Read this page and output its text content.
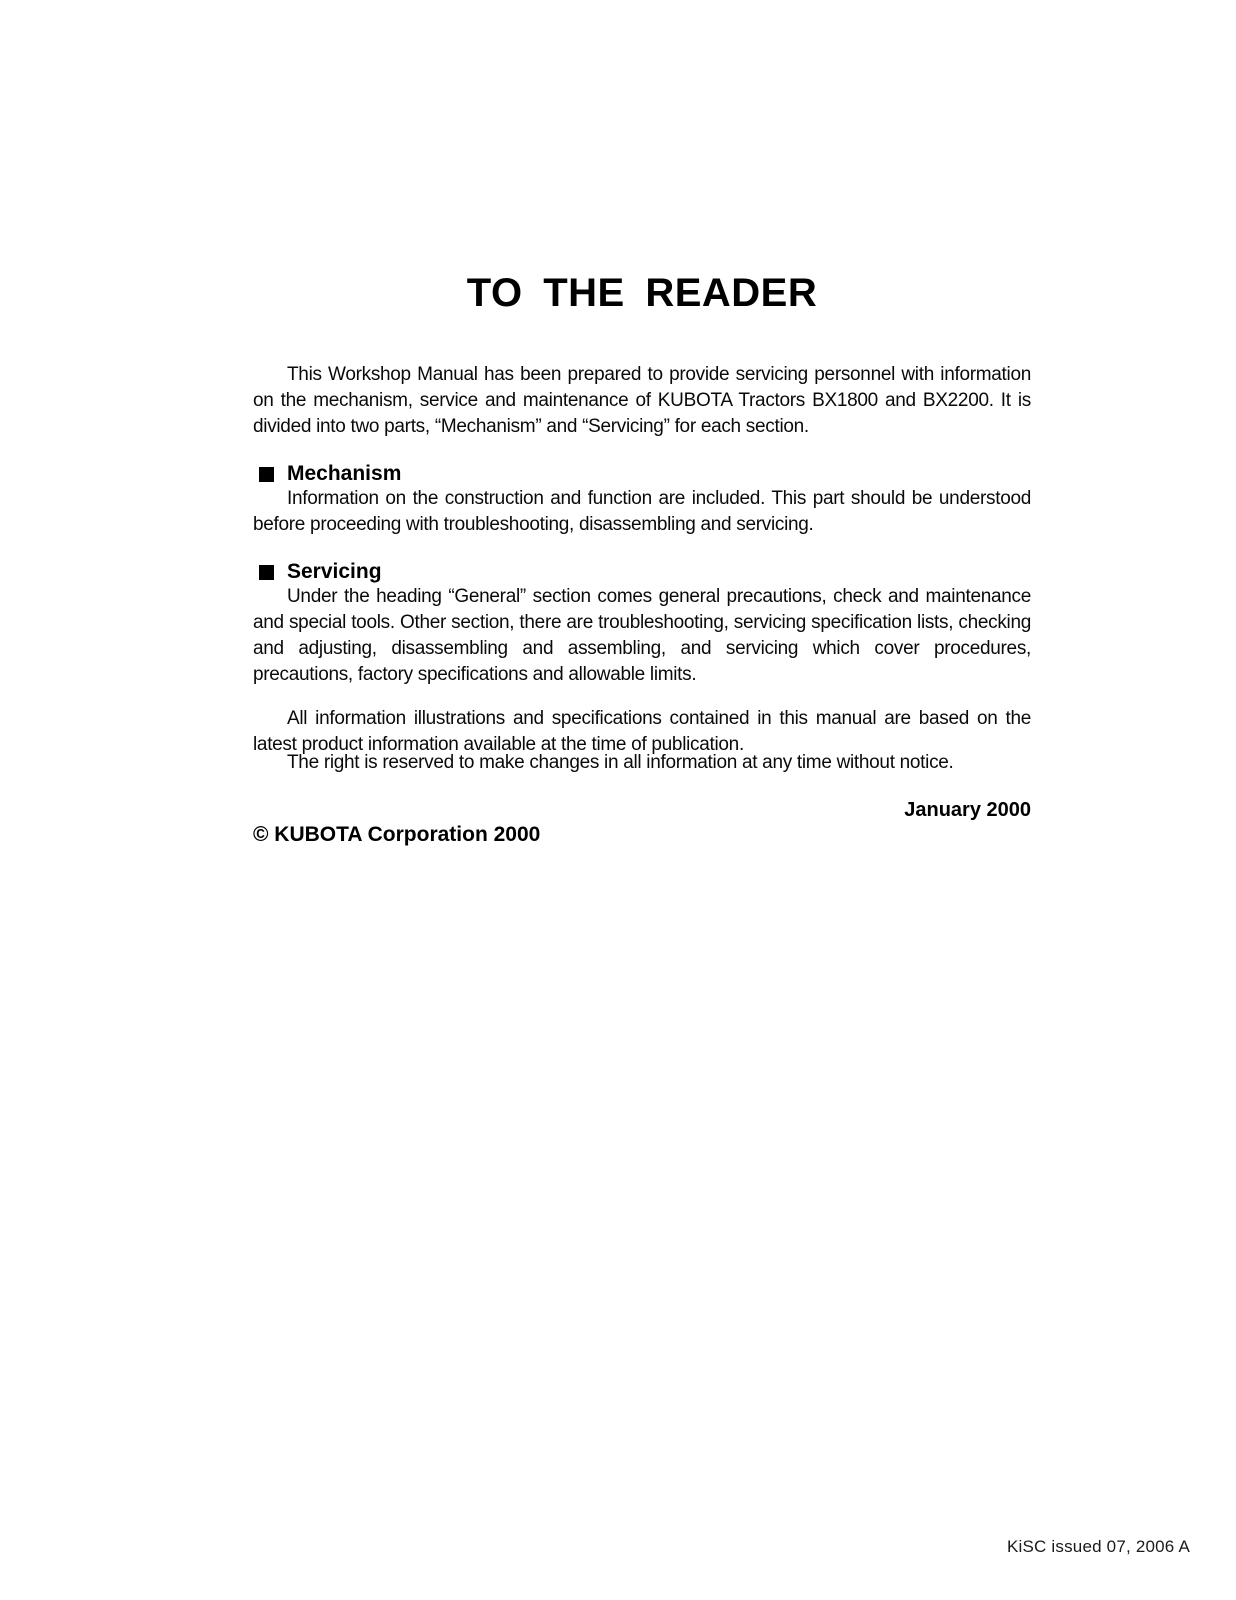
TO THE READER

This Workshop Manual has been prepared to provide servicing personnel with information on the mechanism, service and maintenance of KUBOTA Tractors BX1800 and BX2200. It is divided into two parts, “Mechanism” and “Servicing” for each section.

Mechanism

Information on the construction and function are included. This part should be understood before proceeding with troubleshooting, disassembling and servicing.

Servicing

Under the heading “General” section comes general precautions, check and maintenance and special tools. Other section, there are troubleshooting, servicing specification lists, checking and adjusting, disassembling and assembling, and servicing which cover procedures, precautions, factory specifications and allowable limits.

All information illustrations and specifications contained in this manual are based on the latest product information available at the time of publication.

The right is reserved to make changes in all information at any time without notice.

January 2000

© KUBOTA Corporation 2000

KiSC issued 07, 2006 A
